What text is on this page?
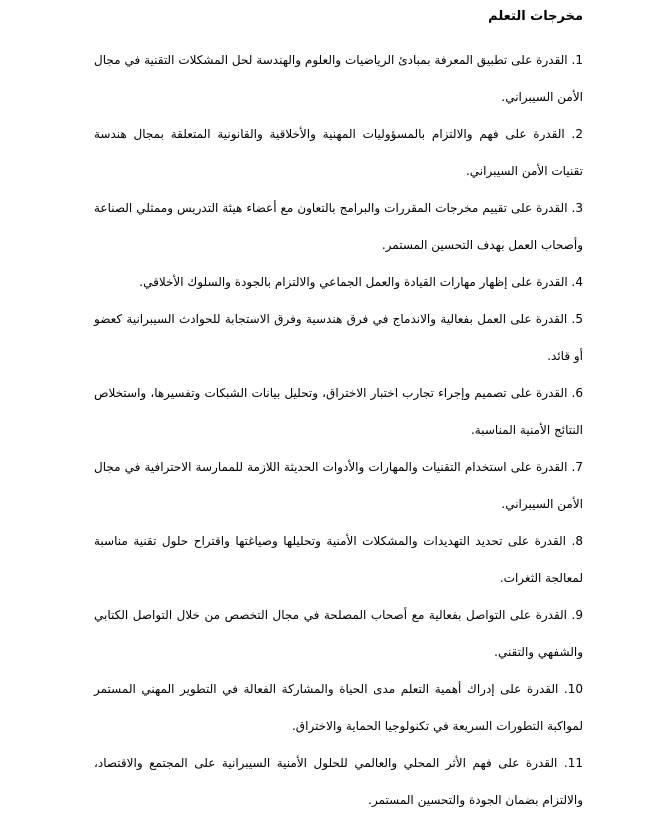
مخرجات التعلم

1. القدرة على تطبيق المعرفة بمبادئ الرياضيات والعلوم والهندسة لحل المشكلات التقنية في مجال الأمن السيبراني.

2. القدرة على فهم والالتزام بالمسؤوليات المهنية والأخلاقية والقانونية المتعلقة بمجال هندسة تقنيات الأمن السيبراني.

3. القدرة على تقييم مخرجات المقررات والبرامج بالتعاون مع أعضاء هيئة التدريس وممثلي الصناعة وأصحاب العمل بهدف التحسين المستمر.

4. القدرة على إظهار مهارات القيادة والعمل الجماعي والالتزام بالجودة والسلوك الأخلاقي.

5. القدرة على العمل بفعالية والاندماج في فرق هندسية وفرق الاستجابة للحوادث السيبرانية كعضو أو قائد.

6. القدرة على تصميم وإجراء تجارب اختبار الاختراق، وتحليل بيانات الشبكات وتفسيرها، واستخلاص النتائج الأمنية المناسبة.

7. القدرة على استخدام التقنيات والمهارات والأدوات الحديثة اللازمة للممارسة الاحترافية في مجال الأمن السيبراني.

8. القدرة على تحديد التهديدات والمشكلات الأمنية وتحليلها وصياغتها واقتراح حلول تقنية مناسبة لمعالجة الثغرات.

9. القدرة على التواصل بفعالية مع أصحاب المصلحة في مجال التخصص من خلال التواصل الكتابي والشفهي والتقني.

10. القدرة على إدراك أهمية التعلم مدى الحياة والمشاركة الفعالة في التطوير المهني المستمر لمواكبة التطورات السريعة في تكنولوجيا الحماية والاختراق.

11. القدرة على فهم الأثر المحلي والعالمي للحلول الأمنية السيبرانية على المجتمع والاقتصاد، والالتزام بضمان الجودة والتحسين المستمر.
